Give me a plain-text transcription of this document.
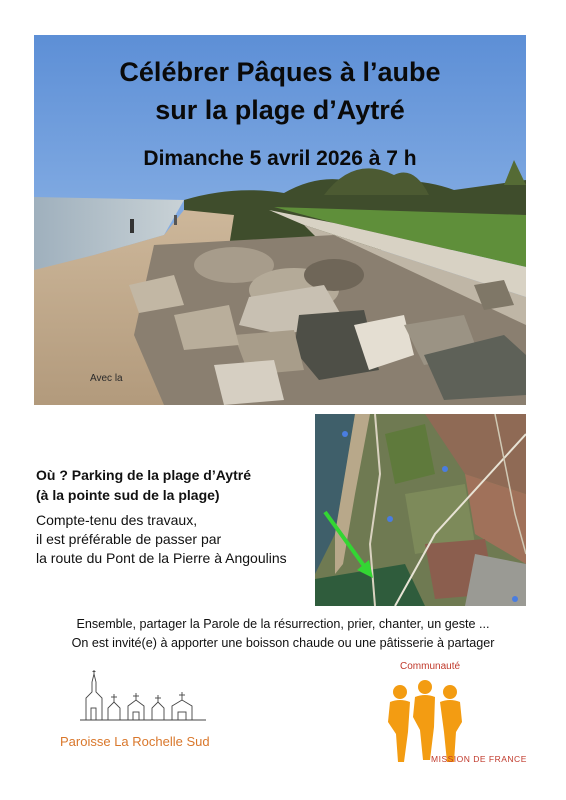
Célébrer Pâques à l’aube
sur la plage d’Aytré
Dimanche 5 avril 2026 à 7 h
Avec la
Où ? Parking de la plage d’Aytré
(à la pointe sud de la plage)
Compte-tenu des travaux,
il est préférable de passer par
la route du Pont de la Pierre à Angoulins
Ensemble, partager la Parole de la résurrection, prier, chanter, un geste ...
On est invité(e) à apporter une boisson chaude ou une pâtisserie à partager
Paroisse La Rochelle Sud
Communauté
MISSION DE FRANCE
